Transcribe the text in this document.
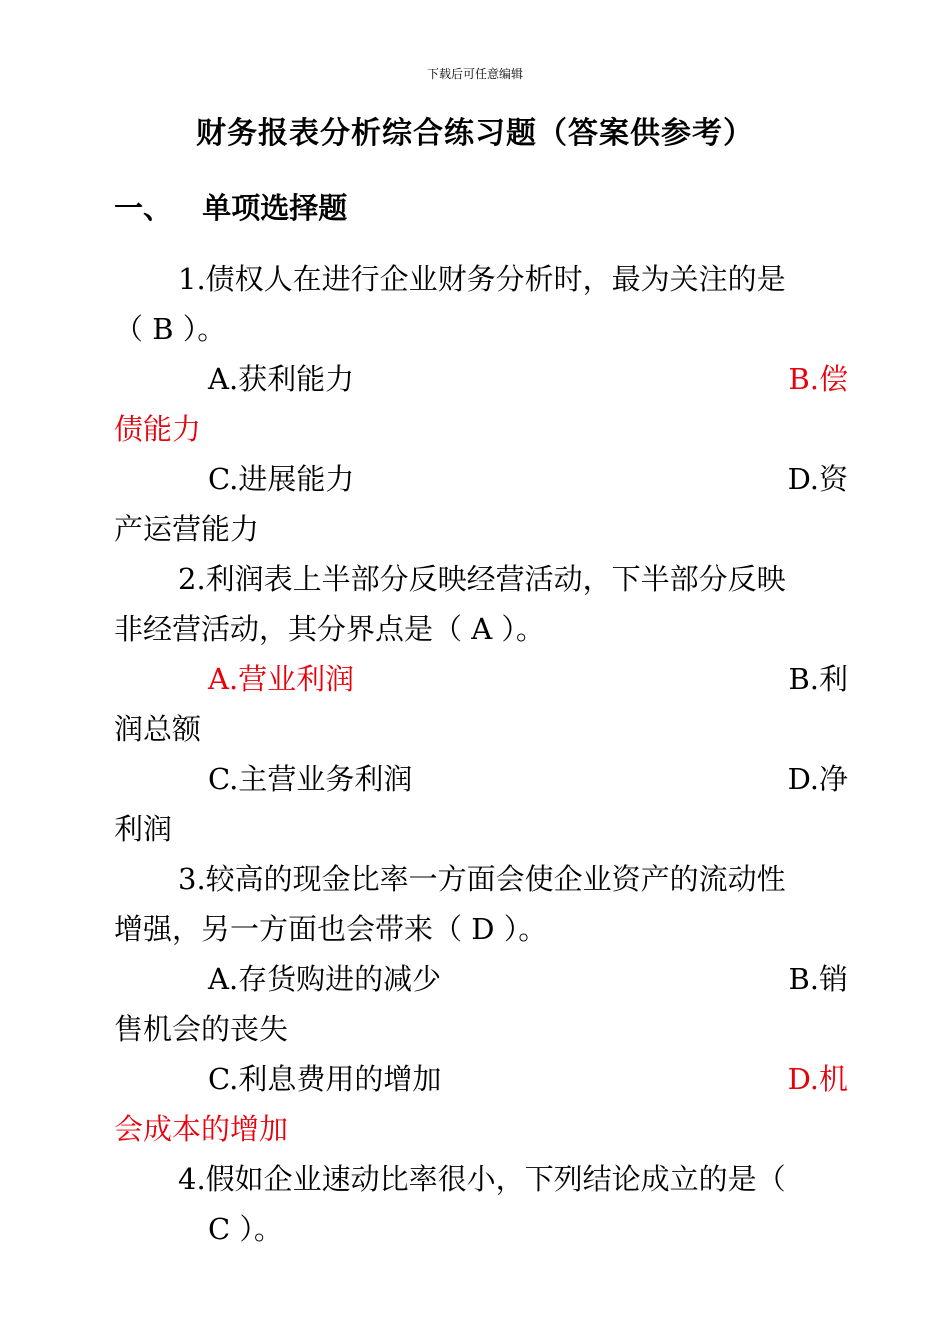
下载后可任意编辑
财务报表分析综合练习题（答案供参考）
一、   单项选择题
1.债权人在进行企业财务分析时，最为关注的是
（ B ）。
A.获利能力	B.偿
债能力
C.进展能力	D.资
产运营能力
2.利润表上半部分反映经营活动，下半部分反映
非经营活动，其分界点是（ A ）。
A.营业利润	B.利
润总额
C.主营业务利润	D.净
利润
3.较高的现金比率一方面会使企业资产的流动性
增强，另一方面也会带来（ D ）。
A.存货购进的减少	B.销
售机会的丧失
C.利息费用的增加	D.机
会成本的增加
4.假如企业速动比率很小，下列结论成立的是（
C ）。
